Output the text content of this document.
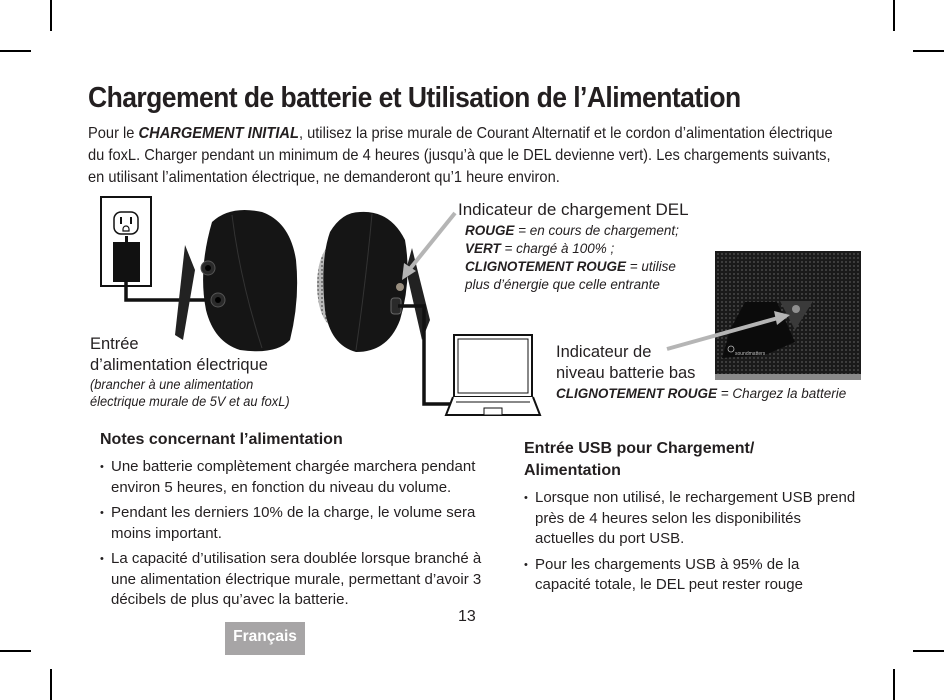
Chargement de batterie et Utilisation de l’Alimentation
Pour le CHARGEMENT INITIAL, utilisez la prise murale de Courant Alternatif et le cordon d’alimentation électrique du foxL. Charger pendant un minimum de 4 heures (jusqu’à que le DEL devienne vert). Les chargements suivants, en utilisant l’alimentation électrique, ne demanderont qu’1 heure environ.
soundmatters
Indicateur de chargement DEL
ROUGE = en cours de chargement;
VERT = chargé à 100% ;
CLIGNOTEMENT ROUGE = utilise
plus d’énergie que celle entrante
Entrée
d’alimentation électrique
(brancher à une alimentation
électrique murale de 5V et au foxL)
Indicateur de
niveau batterie bas
CLIGNOTEMENT ROUGE = Chargez la batterie
Notes concernant l’alimentation
• Une batterie complètement chargée marchera pendant environ 5 heures, en fonction du niveau du volume.
• Pendant les derniers 10% de la charge, le volume sera moins important.
• La capacité d’utilisation sera doublée lorsque branché à une alimentation électrique murale, permettant d’avoir 3 décibels de plus qu’avec la batterie.
Entrée USB pour Chargement/
Alimentation
• Lorsque non utilisé, le rechargement USB prend près de 4 heures selon les disponibilités actuelles du port USB.
• Pour les chargements USB à 95% de la capacité totale, le DEL peut rester rouge
13
Français
